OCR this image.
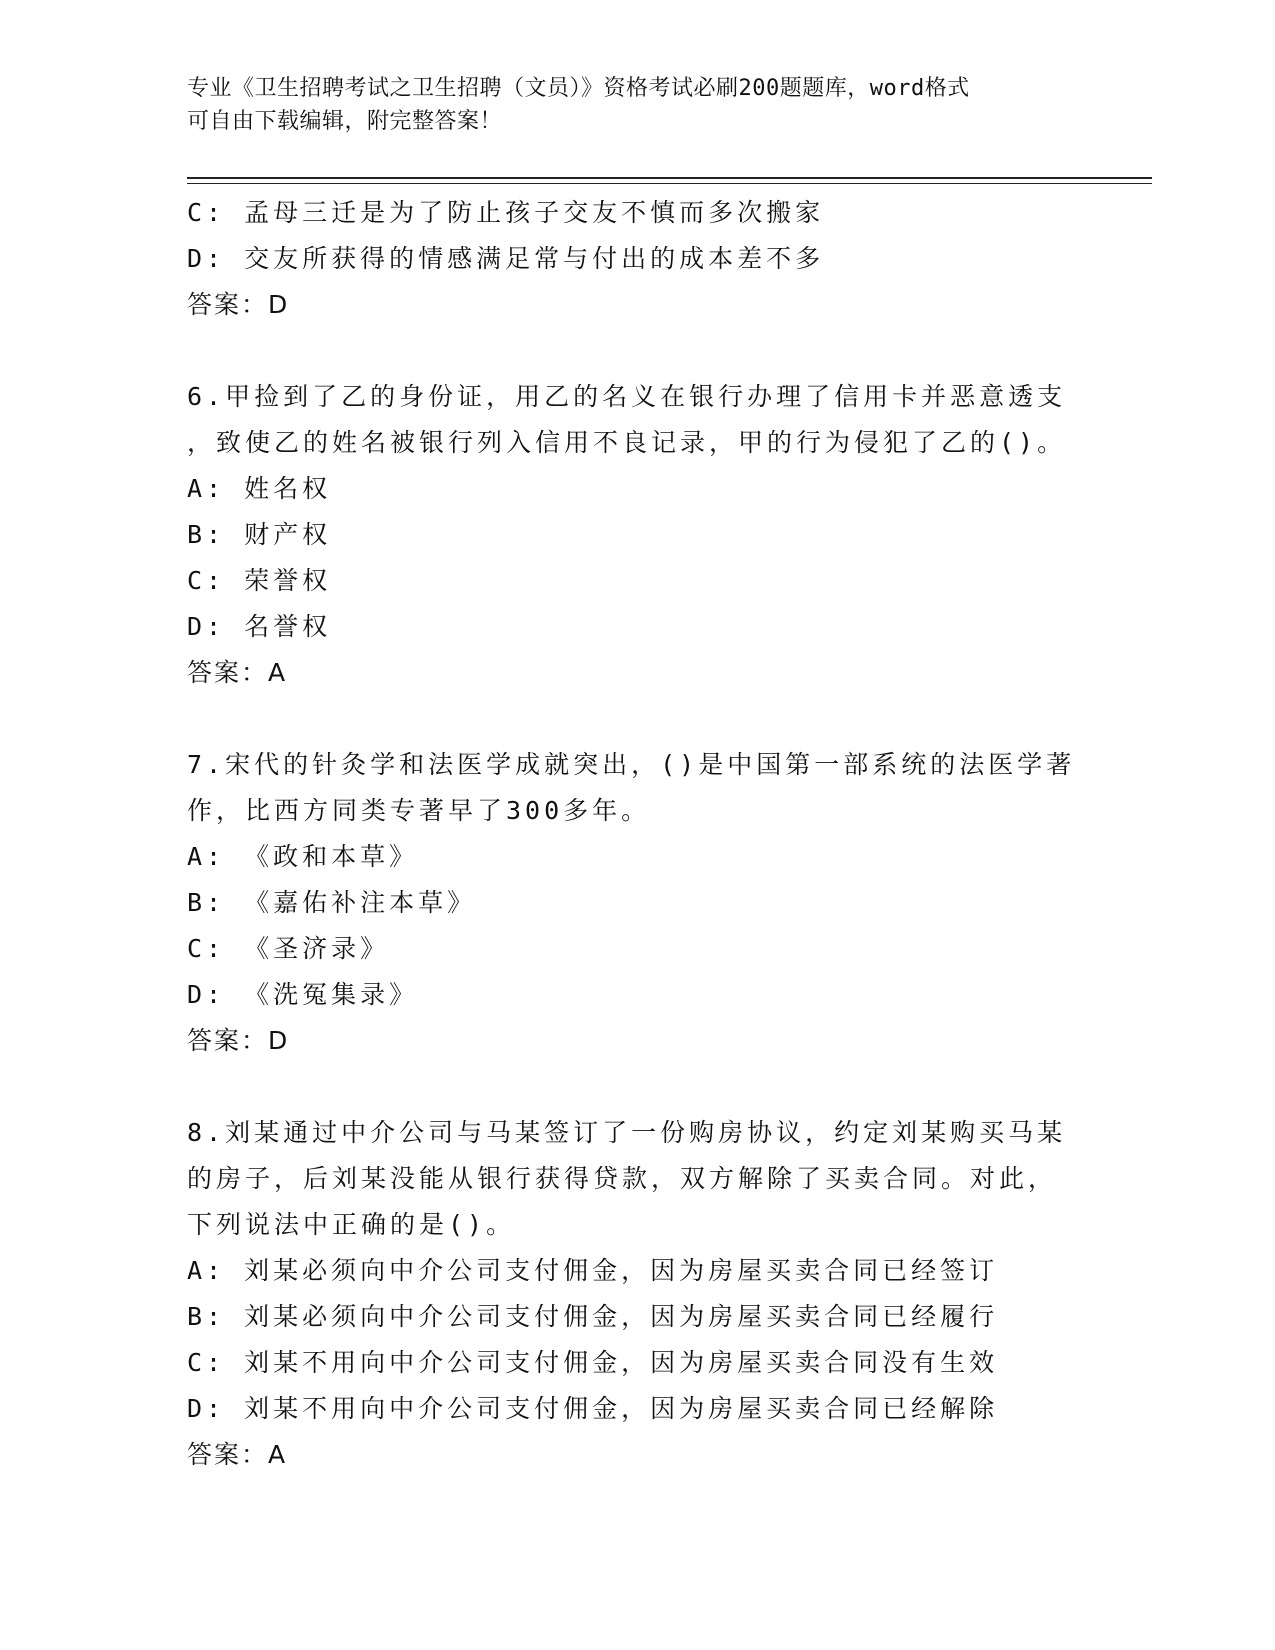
专业《卫生招聘考试之卫生招聘（文员）》资格考试必刷200题题库，word格式
可自由下载编辑，附完整答案！
C: 孟母三迁是为了防止孩子交友不慎而多次搬家
D: 交友所获得的情感满足常与付出的成本差不多
答案：D
6.甲捡到了乙的身份证，用乙的名义在银行办理了信用卡并恶意透支
，致使乙的姓名被银行列入信用不良记录，甲的行为侵犯了乙的()。
A: 姓名权
B: 财产权
C: 荣誉权
D: 名誉权
答案：A
7.宋代的针灸学和法医学成就突出，()是中国第一部系统的法医学著
作，比西方同类专著早了300多年。
A: 《政和本草》
B: 《嘉佑补注本草》
C: 《圣济录》
D: 《洗冤集录》
答案：D
8.刘某通过中介公司与马某签订了一份购房协议，约定刘某购买马某
的房子，后刘某没能从银行获得贷款，双方解除了买卖合同。对此，
下列说法中正确的是()。
A: 刘某必须向中介公司支付佣金，因为房屋买卖合同已经签订
B: 刘某必须向中介公司支付佣金，因为房屋买卖合同已经履行
C: 刘某不用向中介公司支付佣金，因为房屋买卖合同没有生效
D: 刘某不用向中介公司支付佣金，因为房屋买卖合同已经解除
答案：A
